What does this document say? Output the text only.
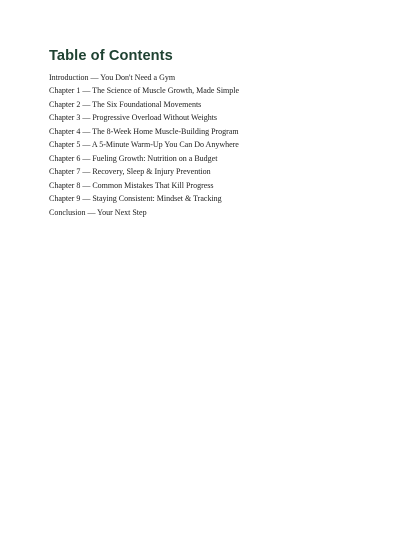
Table of Contents
Introduction — You Don't Need a Gym
Chapter 1 — The Science of Muscle Growth, Made Simple
Chapter 2 — The Six Foundational Movements
Chapter 3 — Progressive Overload Without Weights
Chapter 4 — The 8-Week Home Muscle-Building Program
Chapter 5 — A 5-Minute Warm-Up You Can Do Anywhere
Chapter 6 — Fueling Growth: Nutrition on a Budget
Chapter 7 — Recovery, Sleep & Injury Prevention
Chapter 8 — Common Mistakes That Kill Progress
Chapter 9 — Staying Consistent: Mindset & Tracking
Conclusion — Your Next Step
